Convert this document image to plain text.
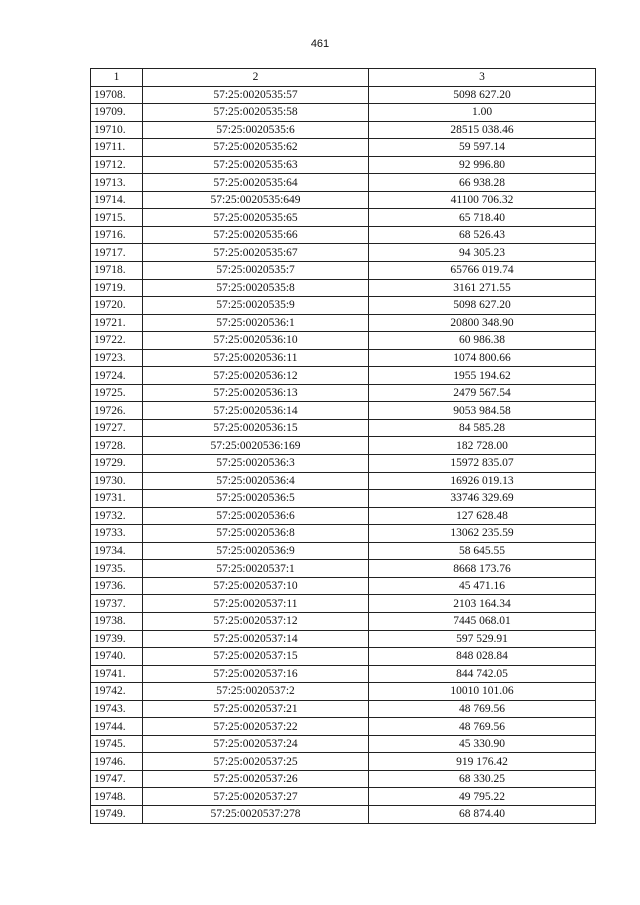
461
1	2	3
19708.	57:25:0020535:57	5098 627.20
19709.	57:25:0020535:58	1.00
19710.	57:25:0020535:6	28515 038.46
19711.	57:25:0020535:62	59 597.14
19712.	57:25:0020535:63	92 996.80
19713.	57:25:0020535:64	66 938.28
19714.	57:25:0020535:649	41100 706.32
19715.	57:25:0020535:65	65 718.40
19716.	57:25:0020535:66	68 526.43
19717.	57:25:0020535:67	94 305.23
19718.	57:25:0020535:7	65766 019.74
19719.	57:25:0020535:8	3161 271.55
19720.	57:25:0020535:9	5098 627.20
19721.	57:25:0020536:1	20800 348.90
19722.	57:25:0020536:10	60 986.38
19723.	57:25:0020536:11	1074 800.66
19724.	57:25:0020536:12	1955 194.62
19725.	57:25:0020536:13	2479 567.54
19726.	57:25:0020536:14	9053 984.58
19727.	57:25:0020536:15	84 585.28
19728.	57:25:0020536:169	182 728.00
19729.	57:25:0020536:3	15972 835.07
19730.	57:25:0020536:4	16926 019.13
19731.	57:25:0020536:5	33746 329.69
19732.	57:25:0020536:6	127 628.48
19733.	57:25:0020536:8	13062 235.59
19734.	57:25:0020536:9	58 645.55
19735.	57:25:0020537:1	8668 173.76
19736.	57:25:0020537:10	45 471.16
19737.	57:25:0020537:11	2103 164.34
19738.	57:25:0020537:12	7445 068.01
19739.	57:25:0020537:14	597 529.91
19740.	57:25:0020537:15	848 028.84
19741.	57:25:0020537:16	844 742.05
19742.	57:25:0020537:2	10010 101.06
19743.	57:25:0020537:21	48 769.56
19744.	57:25:0020537:22	48 769.56
19745.	57:25:0020537:24	45 330.90
19746.	57:25:0020537:25	919 176.42
19747.	57:25:0020537:26	68 330.25
19748.	57:25:0020537:27	49 795.22
19749.	57:25:0020537:278	68 874.40
